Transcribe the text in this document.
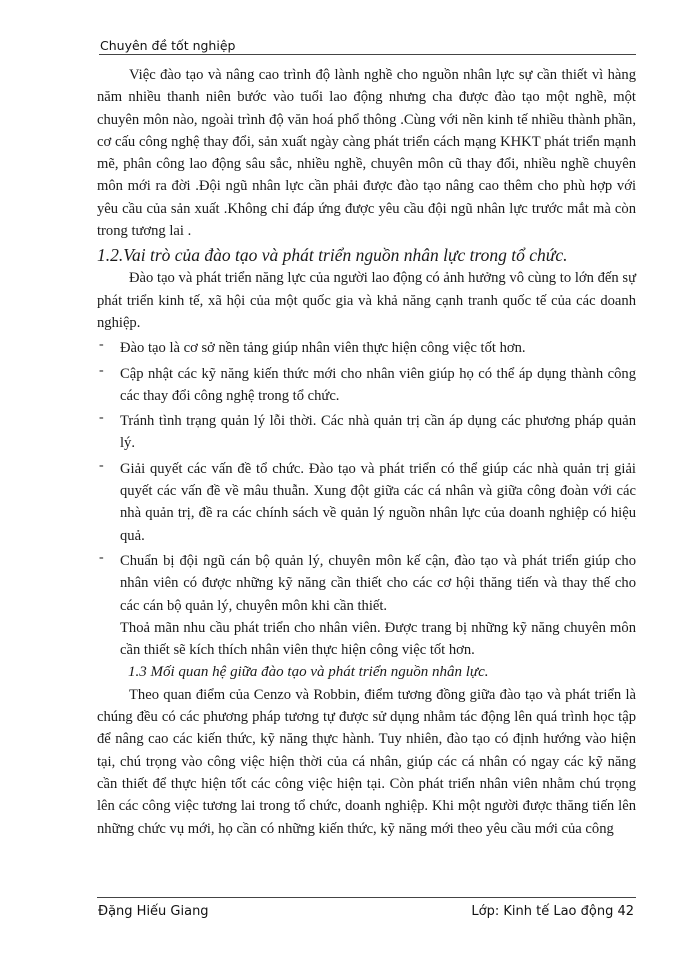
Chuyên đề tốt nghiệp

Việc đào tạo và nâng cao trình độ lành nghề cho nguồn nhân lực sự cần thiết vì hàng năm nhiều thanh niên bước vào tuổi lao động nhưng cha được đào tạo một nghề, một chuyên môn nào, ngoài trình độ văn hoá phổ thông .Cùng với nền kinh tế nhiều thành phần, cơ cấu công nghệ thay đổi, sản xuất ngày càng phát triển cách mạng KHKT phát triển mạnh mẽ, phân công lao động sâu sắc, nhiều nghề, chuyên môn cũ thay đổi, nhiều nghề chuyên môn mới ra đời .Đội ngũ nhân lực cần phải được đào tạo nâng cao thêm cho phù hợp với yêu cầu của sản xuất .Không chỉ đáp ứng được yêu cầu đội ngũ nhân lực trước mắt mà còn trong tương lai .

1.2.Vai trò của đào tạo và phát triển nguồn nhân lực trong tổ chức.

Đào tạo và phát triển năng lực của người lao động có ảnh hưởng vô cùng to lớn đến sự phát triển kinh tế, xã hội của một quốc gia và khả năng cạnh tranh quốc tế của các doanh nghiệp.

- Đào tạo là cơ sở nền tảng giúp nhân viên thực hiện công việc tốt hơn.

- Cập nhật các kỹ năng kiến thức mới cho nhân viên giúp họ có thể áp dụng thành công các thay đổi công nghệ trong tổ chức.

- Tránh tình trạng quản lý lỗi thời. Các nhà quản trị cần áp dụng các phương pháp quản lý.

- Giải quyết các vấn đề tổ chức. Đào tạo và phát triển có thể giúp các nhà quản trị giải quyết các vấn đề về mâu thuẫn. Xung đột giữa các cá nhân và giữa công đoàn với các nhà quản trị, đề ra các chính sách về quản lý nguồn nhân lực của doanh nghiệp có hiệu quả.

- Chuẩn bị đội ngũ cán bộ quản lý, chuyên môn kế cận, đào tạo và phát triển giúp cho nhân viên có được những kỹ năng cần thiết cho các cơ hội thăng tiến và thay thế cho các cán bộ quản lý, chuyên môn khi cần thiết.

Thoả mãn nhu cầu phát triển cho nhân viên. Được trang bị những kỹ năng chuyên môn cần thiết sẽ kích thích nhân viên thực hiện công việc tốt hơn.

1.3 Mối quan hệ giữa đào tạo và phát triển nguồn nhân lực.

Theo quan điểm của Cenzo và Robbin, điểm tương đồng giữa đào tạo và phát triển là chúng đều có các phương pháp tương tự được sử dụng nhằm tác động lên quá trình học tập để nâng cao các kiến thức, kỹ năng thực hành. Tuy nhiên, đào tạo có định hướng vào hiện tại, chú trọng vào công việc hiện thời của cá nhân, giúp các cá nhân có ngay các kỹ năng cần thiết để thực hiện tốt các công việc hiện tại. Còn phát triển nhân viên nhằm chú trọng lên các công việc tương lai trong tổ chức, doanh nghiệp. Khi một người được thăng tiến lên những chức vụ mới, họ cần có những kiến thức, kỹ năng mới theo yêu cầu mới của công

Đặng Hiếu Giang	Lớp: Kinh tế Lao động 42
